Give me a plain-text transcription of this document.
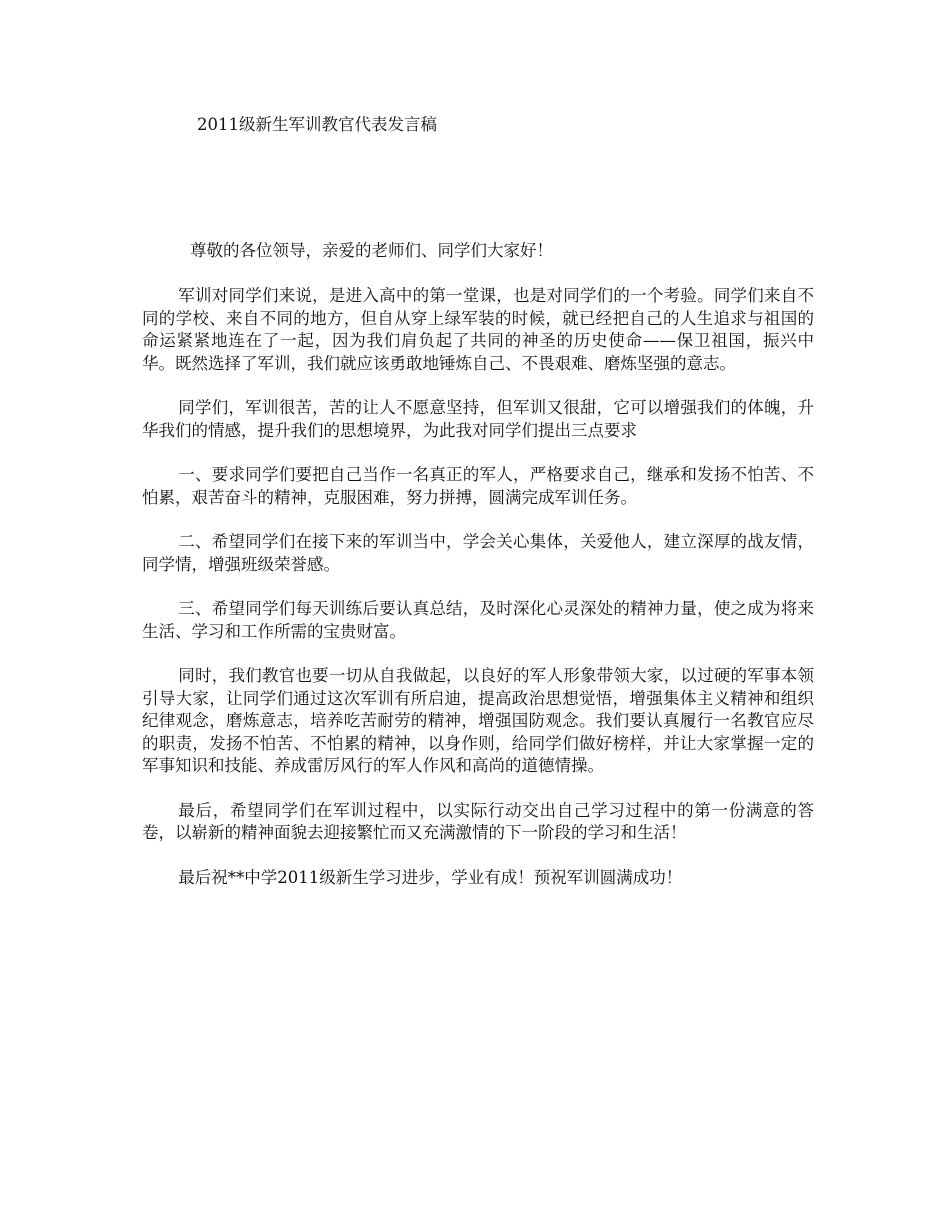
2011级新生军训教官代表发言稿
尊敬的各位领导，亲爱的老师们、同学们大家好！

军训对同学们来说，是进入高中的第一堂课，也是对同学们的一个考验。同学们来自不同的学校、来自不同的地方，但自从穿上绿军装的时候，就已经把自己的人生追求与祖国的命运紧紧地连在了一起，因为我们肩负起了共同的神圣的历史使命——保卫祖国，振兴中华。既然选择了军训，我们就应该勇敢地锤炼自己、不畏艰难、磨炼坚强的意志。

同学们，军训很苦，苦的让人不愿意坚持，但军训又很甜，它可以增强我们的体魄，升华我们的情感，提升我们的思想境界，为此我对同学们提出三点要求

一、要求同学们要把自己当作一名真正的军人，严格要求自己，继承和发扬不怕苦、不怕累，艰苦奋斗的精神，克服困难，努力拼搏，圆满完成军训任务。

二、希望同学们在接下来的军训当中，学会关心集体，关爱他人，建立深厚的战友情，同学情，增强班级荣誉感。

三、希望同学们每天训练后要认真总结，及时深化心灵深处的精神力量，使之成为将来生活、学习和工作所需的宝贵财富。

同时，我们教官也要一切从自我做起，以良好的军人形象带领大家，以过硬的军事本领引导大家，让同学们通过这次军训有所启迪，提高政治思想觉悟，增强集体主义精神和组织纪律观念，磨炼意志，培养吃苦耐劳的精神，增强国防观念。我们要认真履行一名教官应尽的职责，发扬不怕苦、不怕累的精神，以身作则，给同学们做好榜样，并让大家掌握一定的军事知识和技能、养成雷厉风行的军人作风和高尚的道德情操。

最后，希望同学们在军训过程中，以实际行动交出自己学习过程中的第一份满意的答卷，以崭新的精神面貌去迎接繁忙而又充满激情的下一阶段的学习和生活！

最后祝**中学2011级新生学习进步，学业有成！预祝军训圆满成功！
